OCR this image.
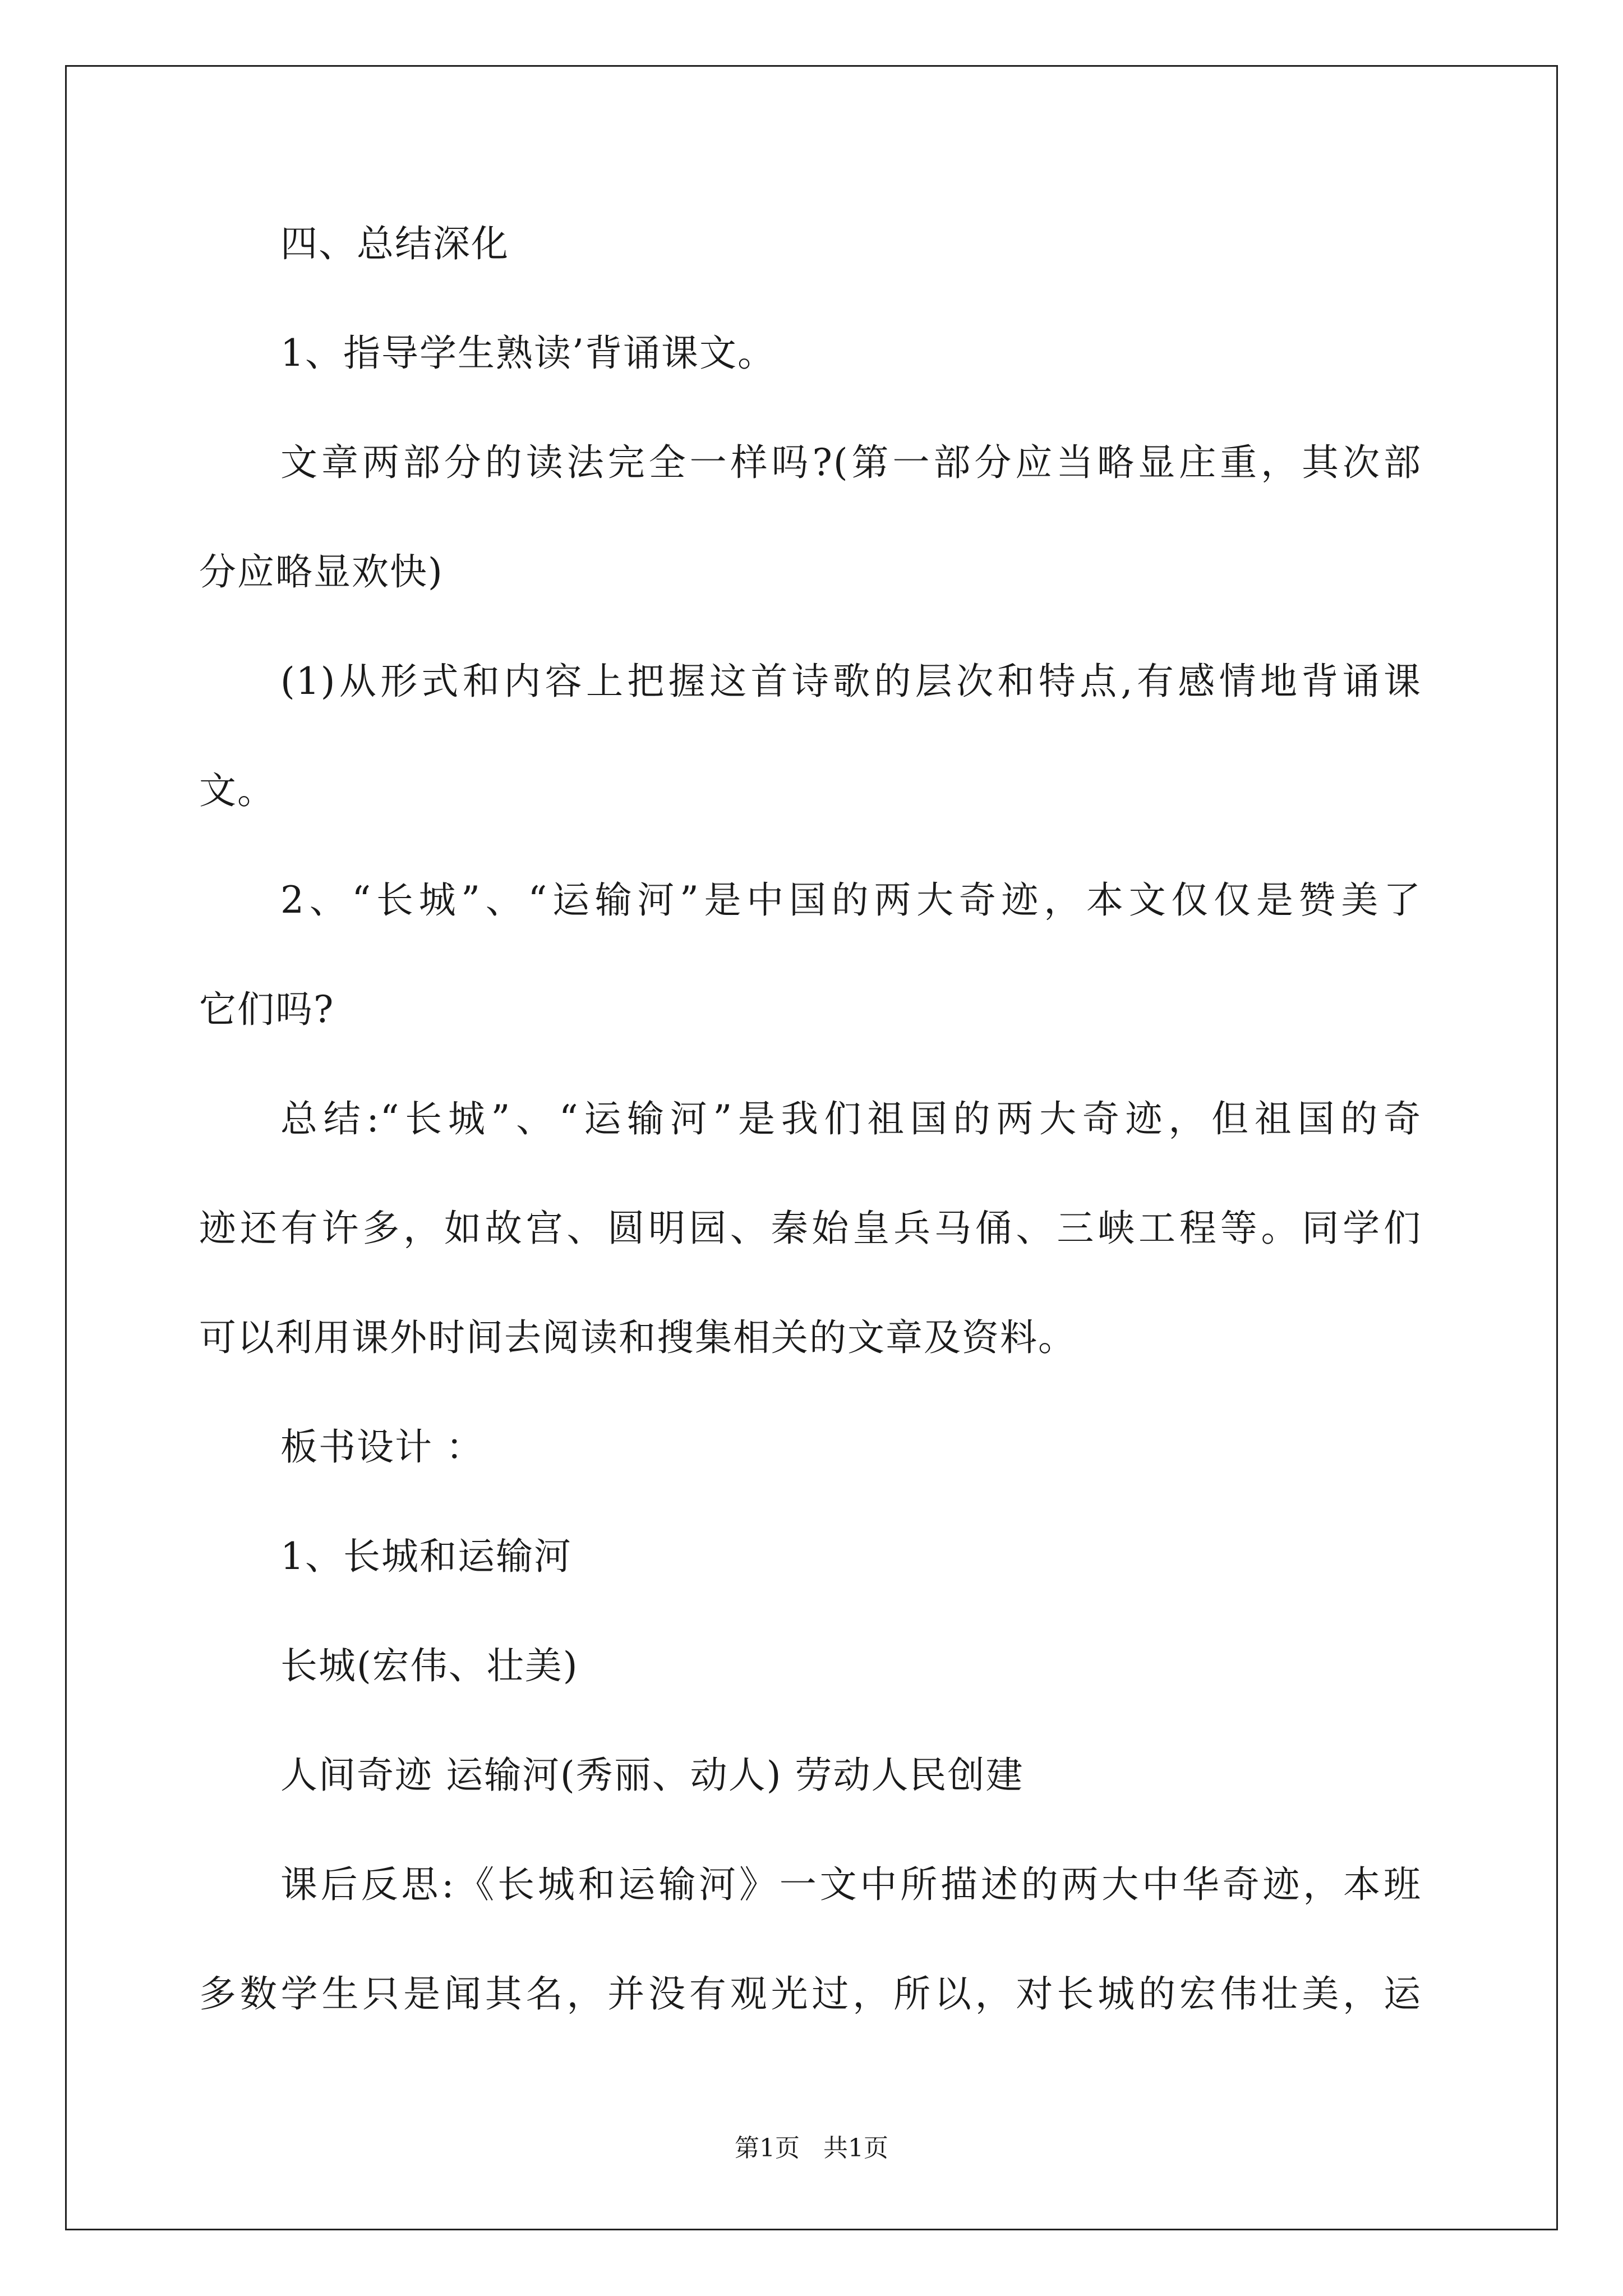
四、总结深化
1、指导学生熟读’背诵课文。
文章两部分的读法完全一样吗?(第一部分应当略显庄重，其次部
分应略显欢快)
(1)从形式和内容上把握这首诗歌的层次和特点,有感情地背诵课
文。
2、“长城”、“运输河”是中国的两大奇迹，本文仅仅是赞美了
它们吗?
总结:“长城”、“运输河”是我们祖国的两大奇迹，但祖国的奇
迹还有许多，如故宫、圆明园、秦始皇兵马俑、三峡工程等。同学们
可以利用课外时间去阅读和搜集相关的文章及资料。
板书设计 ：
1、长城和运输河
长城(宏伟、壮美)
人间奇迹 运输河(秀丽、动人) 劳动人民创建
课后反思:《长城和运输河》一文中所描述的两大中华奇迹，本班
多数学生只是闻其名，并没有观光过，所以，对长城的宏伟壮美，运
第1页 共1页
